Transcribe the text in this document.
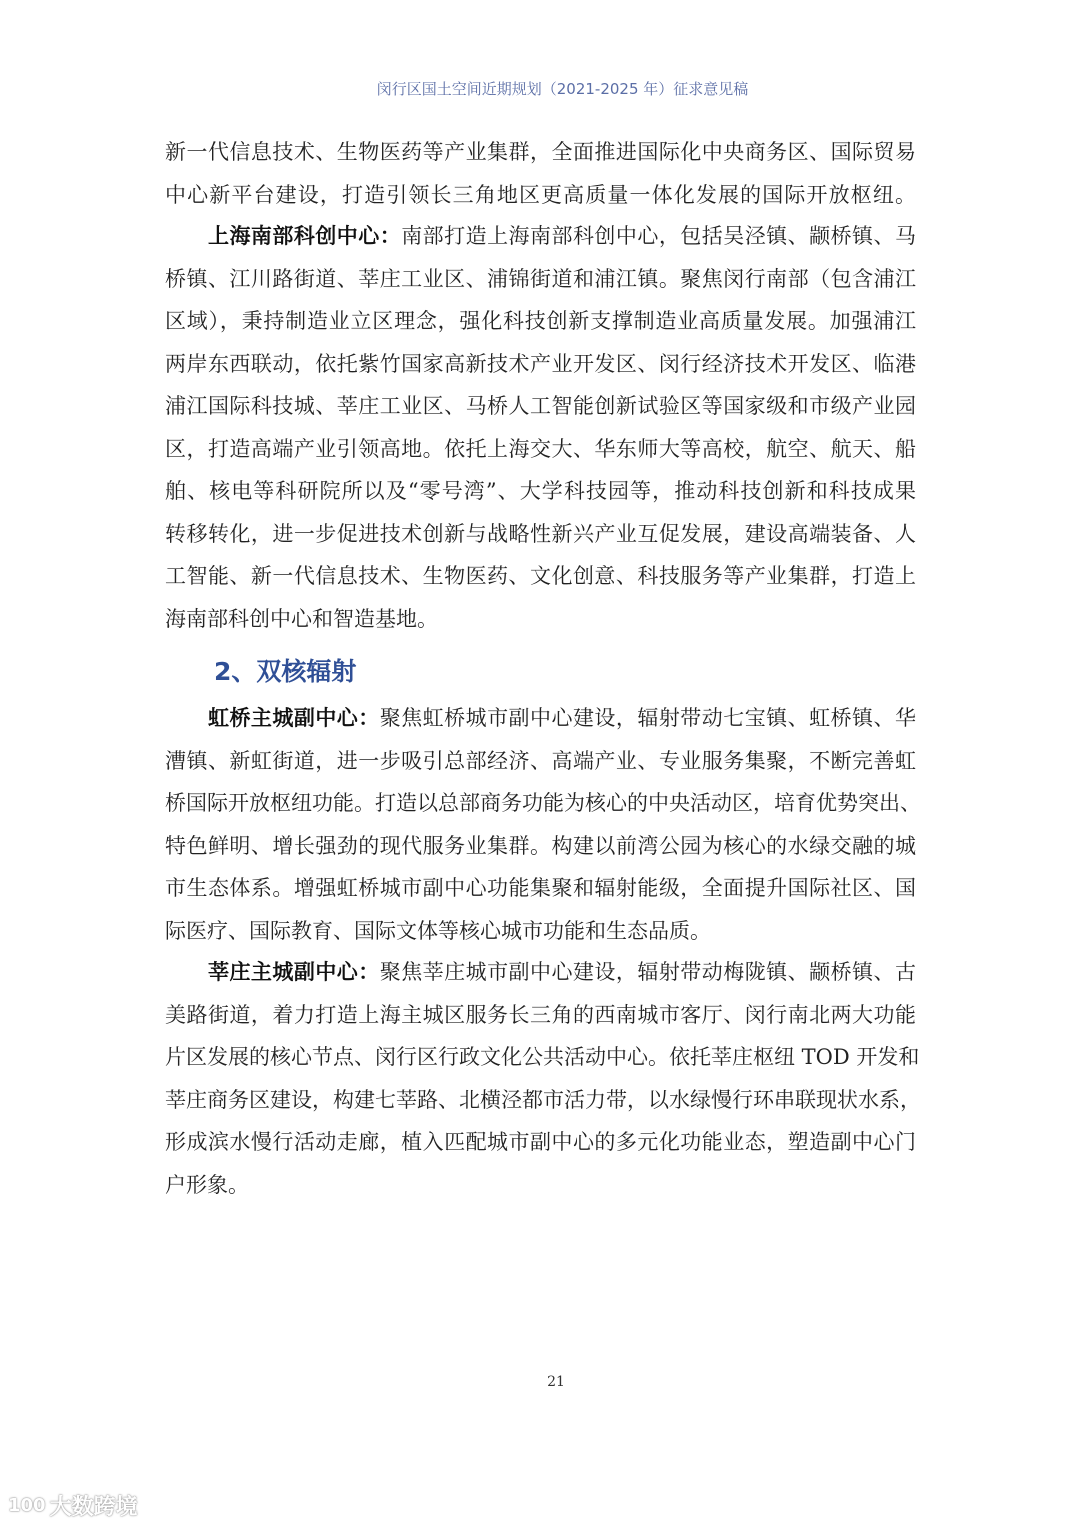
闵行区国土空间近期规划（2021-2025 年）征求意见稿
新一代信息技术、生物医药等产业集群，全面推进国际化中央商务区、国际贸易
中心新平台建设，打造引领长三角地区更高质量一体化发展的国际开放枢纽。
上海南部科创中心：南部打造上海南部科创中心，包括吴泾镇、颛桥镇、马
桥镇、江川路街道、莘庄工业区、浦锦街道和浦江镇。聚焦闵行南部（包含浦江
区域），秉持制造业立区理念，强化科技创新支撑制造业高质量发展。加强浦江
两岸东西联动，依托紫竹国家高新技术产业开发区、闵行经济技术开发区、临港
浦江国际科技城、莘庄工业区、马桥人工智能创新试验区等国家级和市级产业园
区，打造高端产业引领高地。依托上海交大、华东师大等高校，航空、航天、船
舶、核电等科研院所以及“零号湾”、大学科技园等，推动科技创新和科技成果
转移转化，进一步促进技术创新与战略性新兴产业互促发展，建设高端装备、人
工智能、新一代信息技术、生物医药、文化创意、科技服务等产业集群，打造上
海南部科创中心和智造基地。
2、双核辐射
虹桥主城副中心：聚焦虹桥城市副中心建设，辐射带动七宝镇、虹桥镇、华
漕镇、新虹街道，进一步吸引总部经济、高端产业、专业服务集聚，不断完善虹
桥国际开放枢纽功能。打造以总部商务功能为核心的中央活动区，培育优势突出、
特色鲜明、增长强劲的现代服务业集群。构建以前湾公园为核心的水绿交融的城
市生态体系。增强虹桥城市副中心功能集聚和辐射能级，全面提升国际社区、国
际医疗、国际教育、国际文体等核心城市功能和生态品质。
莘庄主城副中心：聚焦莘庄城市副中心建设，辐射带动梅陇镇、颛桥镇、古
美路街道，着力打造上海主城区服务长三角的西南城市客厅、闵行南北两大功能
片区发展的核心节点、闵行区行政文化公共活动中心。依托莘庄枢纽 TOD 开发和
莘庄商务区建设，构建七莘路、北横泾都市活力带，以水绿慢行环串联现状水系，
形成滨水慢行活动走廊，植入匹配城市副中心的多元化功能业态，塑造副中心门
户形象。
21
100 大数跨境
